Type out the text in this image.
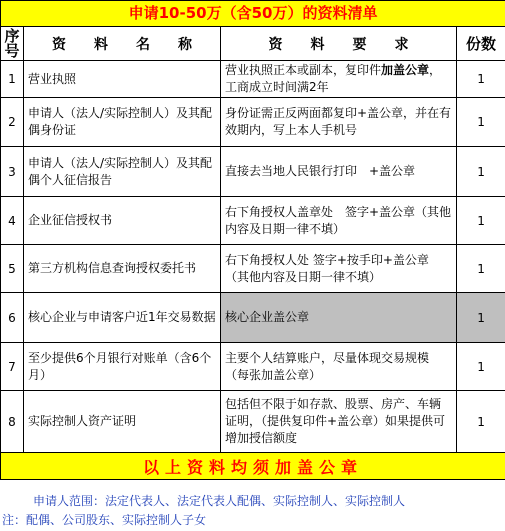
申请10-50万（含50万）的资料清单			
序号	资　　料　　名　　称	资　　料　　要　　求	份数
1	营业执照	营业执照正本或副本，复印件加盖公章，工商成立时间满2年	1
2	申请人（法人/实际控制人）及其配偶身份证	身份证需正反两面都复印+盖公章，并在有效期内，写上本人手机号	1
3	申请人（法人/实际控制人）及其配偶个人征信报告	直接去当地人民银行打印　+盖公章	1
4	企业征信授权书	右下角授权人盖章处　签字+盖公章（其他内容及日期一律不填）	1
5	第三方机构信息查询授权委托书	右下角授权人处 签字+按手印+盖公章（其他内容及日期一律不填）	1
6	核心企业与申请客户近1年交易数据	核心企业盖公章	1
7	至少提供6个月银行对账单（含6个月）	主要个人结算账户，尽量体现交易规模　（每张加盖公章）	1
8	实际控制人资产证明	包括但不限于如存款、股票、房产、车辆证明，（提供复印件+盖公章）如果提供可增加授信额度	1
以上资料均须加盖公章			
申请人范围：法定代表人、法定代表人配偶、实际控制人、实际控制人
注：配偶、公司股东、实际控制人子女
